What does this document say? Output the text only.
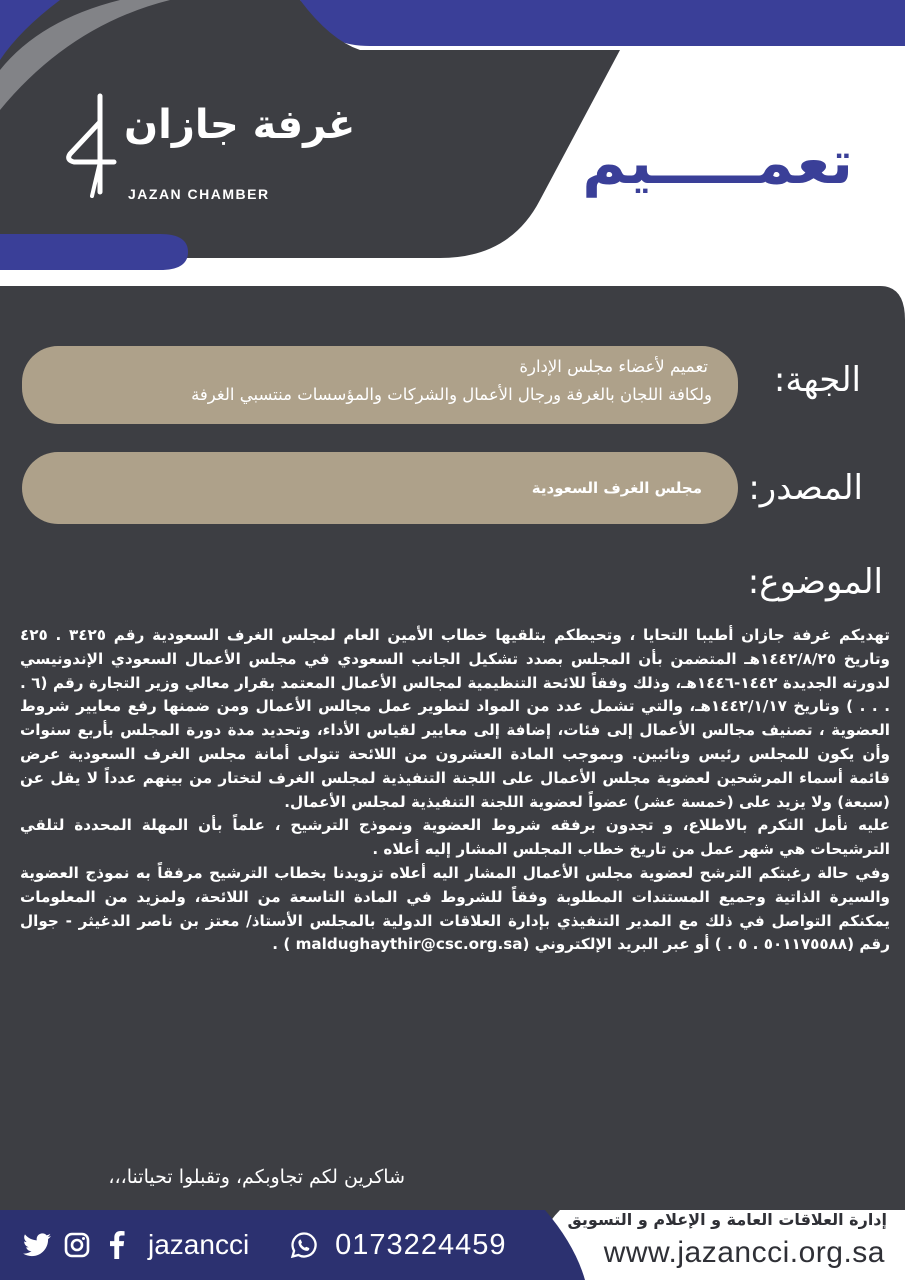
غرفة جازان
JAZAN CHAMBER	تعمـــــيم
الجهة:
تعميم لأعضاء مجلس الإدارة
ولكافة اللجان بالغرفة ورجال الأعمال والشركات والمؤسسات منتسبي الغرفة
المصدر:
مجلس الغرف السعودية
الموضوع:

تهديكم غرفة جازان أطيبا التحايا ، وتحيطكم بتلقيها خطاب الأمين العام لمجلس الغرف السعودية رقم ٣٤٢٥ . ٤٢٥ وتاريخ ١٤٤٢/٨/٢٥هـ المتضمن بأن المجلس بصدد تشكيل الجانب السعودي في مجلس الأعمال السعودي الإندونيسي لدورته الجديدة ١٤٤٢-١٤٤٦هـ، وذلك وفقاً للائحة التنظيمية لمجالس الأعمال المعتمد بقرار معالي وزير التجارة رقم (٦ . . . . ) وتاريخ ١٤٤٢/١/١٧هـ، والتي تشمل عدد من المواد لتطوير عمل مجالس الأعمال ومن ضمنها رفع معايير شروط العضوية ، تصنيف مجالس الأعمال إلى فئات، إضافة إلى معايير لقياس الأداء، وتحديد مدة دورة المجلس بأربع سنوات وأن يكون للمجلس رئيس ونائبين. وبموجب المادة العشرون من اللائحة تتولى أمانة مجلس الغرف السعودية عرض قائمة أسماء المرشحين لعضوية مجلس الأعمال على اللجنة التنفيذية لمجلس الغرف لتختار من بينهم عدداً لا يقل عن (سبعة) ولا يزيد على (خمسة عشر) عضواً لعضوية اللجنة التنفيذية لمجلس الأعمال.

عليه نأمل التكرم بالاطلاع، و تجدون برفقه شروط العضوية ونموذج الترشيح ، علماً بأن المهلة المحددة لتلقي الترشيحات هي شهر عمل من تاريخ خطاب المجلس المشار إليه أعلاه .

وفي حالة رغبتكم الترشح لعضوية مجلس الأعمال المشار اليه أعلاه تزويدنا بخطاب الترشيح مرفقاً به نموذج العضوية والسيرة الذاتية وجميع المستندات المطلوبة وفقاً للشروط في المادة التاسعة من اللائحة، ولمزيد من المعلومات يمكنكم التواصل في ذلك مع المدير التنفيذي بإدارة العلاقات الدولية بالمجلس الأستاذ/ معتز بن ناصر الدغيثر - جوال رقم (٥٠١١٧٥٥٨٨ . ٥ . ) أو عبر البريد الإلكتروني (maldughaythir@csc.org.sa ) .

شاكرين لكم تجاوبكم، وتقبلوا تحياتنا،،،
إدارة العلاقات العامة و الإعلام و التسويق
www.jazancci.org.sa
jazancci	0173224459
